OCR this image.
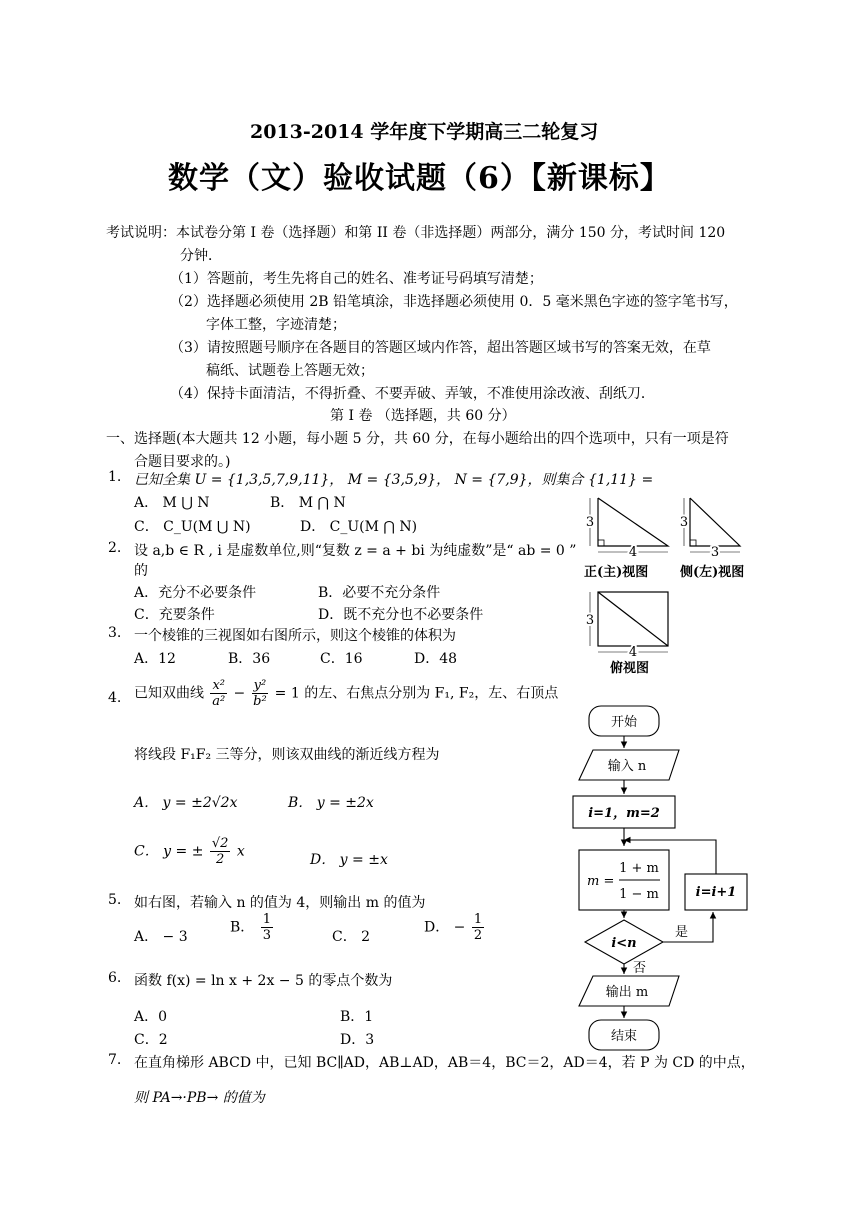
2013-2014 学年度下学期高三二轮复习
数学（文）验收试题（6）【新课标】
考试说明：本试卷分第 I 卷（选择题）和第 II 卷（非选择题）两部分，满分 150 分，考试时间 120
分钟．
（1）答题前，考生先将自己的姓名、准考证号码填写清楚；
（2）选择题必须使用 2B 铅笔填涂，非选择题必须使用 0．5 毫米黑色字迹的签字笔书写，
字体工整，字迹清楚；
（3）请按照题号顺序在各题目的答题区域内作答，超出答题区域书写的答案无效，在草
稿纸、试题卷上答题无效；
（4）保持卡面清洁，不得折叠、不要弄破、弄皱，不准使用涂改液、刮纸刀．
第 I 卷 （选择题，共 60 分）
一、选择题(本大题共 12 小题，每小题 5 分，共 60 分，在每小题给出的四个选项中，只有一项是符
合题目要求的。)
1. 已知全集 U = {1,3,5,7,9,11}， M = {3,5,9}， N = {7,9}，则集合 {1,11} =
A． M ⋃ N	B． M ⋂ N
C． C_U(M ⋃ N)	D． C_U(M ⋂ N)
2. 设 a,b ∈ R , i 是虚数单位,则“复数 z = a + bi 为纯虚数”是“ ab = 0 ”
的
A．充分不必要条件	B．必要不充分条件
C．充要条件	D．既不充分也不必要条件
3. 一个棱锥的三视图如右图所示，则这个棱锥的体积为
A．12	B．36	C．16	D．48
4. 已知双曲线 $\frac{\text{x²}}{\text{a²}} - \frac{\text{y²}}{\text{b²}} = 1$ 的左、右焦点分别为 F₁, F₂，左、右顶点
将线段 F₁F₂ 三等分，则该双曲线的渐近线方程为
A． y = ±2√2x	B． y = ±2x
C． y = ± $\frac{√2}{2}$ x
D． y = ±x
5. 如右图，若输入 n 的值为 4，则输出 m 的值为
A． − 3
B． $\frac{1}{3}$	C． 2
D． − $\frac{1}{2}$
6. 函数 f(x) = ln x + 2x − 5 的零点个数为
A．0	B．1
C．2	D．3
7. 在直角梯形 ABCD 中，已知 BC∥AD，AB⊥AD，AB＝4，BC＝2，AD＝4，若 P 为 CD 的中点，
则 PA→·PB→ 的值为
3
4
3
3
3
4
正(主)视图 侧(左)视图
俯视图
开始
输入 n
i=1，m=2
m =
1 + m
1 − m	i=i+1
i<n
是
否
输出 m
结束
